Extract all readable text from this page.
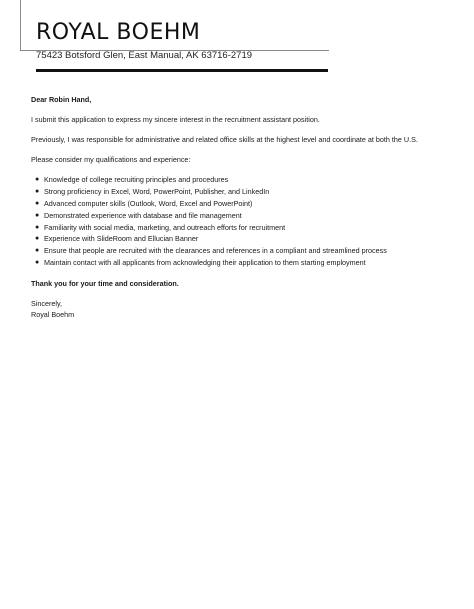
ROYAL BOEHM
75423 Botsford Glen, East Manual, AK 63716-2719

Dear Robin Hand,

I submit this application to express my sincere interest in the recruitment assistant position.

Previously, I was responsible for administrative and related office skills at the highest level and coordinate at both the U.S.

Please consider my qualifications and experience:

● Knowledge of college recruiting principles and procedures
● Strong proficiency in Excel, Word, PowerPoint, Publisher, and LinkedIn
● Advanced computer skills (Outlook, Word, Excel and PowerPoint)
● Demonstrated experience with database and file management
● Familiarity with social media, marketing, and outreach efforts for recruitment
● Experience with SlideRoom and Ellucian Banner
● Ensure that people are recruited with the clearances and references in a compliant and streamlined process
● Maintain contact with all applicants from acknowledging their application to them starting employment

Thank you for your time and consideration.

Sincerely,

Royal Boehm
